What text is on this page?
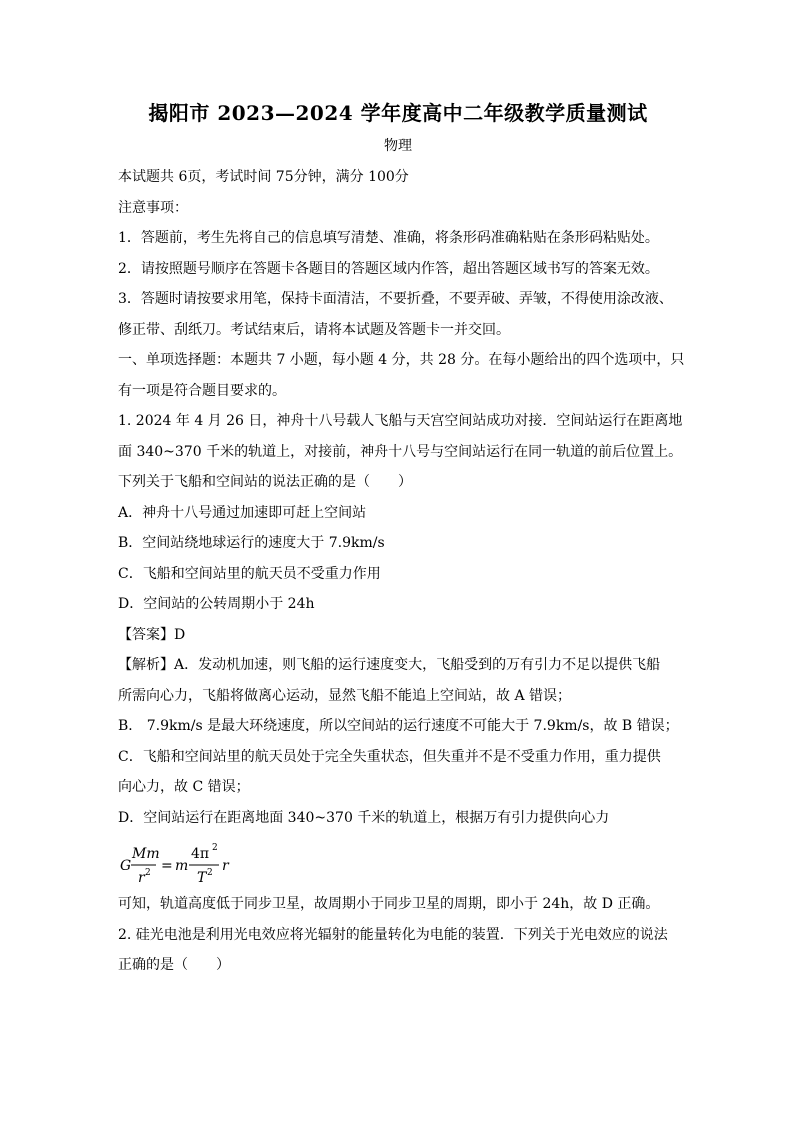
揭阳市 2023—2024 学年度高中二年级教学质量测试
物理
本试题共 6页，考试时间 75分钟，满分 100分
注意事项：
1．答题前，考生先将自己的信息填写清楚、准确，将条形码准确粘贴在条形码粘贴处。
2．请按照题号顺序在答题卡各题目的答题区域内作答，超出答题区域书写的答案无效。
3．答题时请按要求用笔，保持卡面清洁，不要折叠，不要弄破、弄皱，不得使用涂改液、
修正带、刮纸刀。考试结束后，请将本试题及答题卡一并交回。
一、单项选择题：本题共 7 小题，每小题 4 分，共 28 分。在每小题给出的四个选项中，只
有一项是符合题目要求的。
1. 2024 年 4 月 26 日，神舟十八号载人飞船与天宫空间站成功对接．空间站运行在距离地
面 340~370 千米的轨道上，对接前，神舟十八号与空间站运行在同一轨道的前后位置上。
下列关于飞船和空间站的说法正确的是（　　）
A．神舟十八号通过加速即可赶上空间站
B．空间站绕地球运行的速度大于 7.9km/s
C．飞船和空间站里的航天员不受重力作用
D．空间站的公转周期小于 24h
【答案】D
【解析】A．发动机加速，则飞船的运行速度变大，飞船受到的万有引力不足以提供飞船
所需向心力，飞船将做离心运动，显然飞船不能追上空间站，故 A 错误；
B． 7.9km/s 是最大环绕速度，所以空间站的运行速度不可能大于 7.9km/s，故 B 错误；
C．飞船和空间站里的航天员处于完全失重状态，但失重并不是不受重力作用，重力提供
向心力，故 C 错误；
D．空间站运行在距离地面 340~370 千米的轨道上，根据万有引力提供向心力
G
Mm
r 2 = m
4π 2
T 2 r
可知，轨道高度低于同步卫星，故周期小于同步卫星的周期，即小于 24h，故 D 正确。
2. 硅光电池是利用光电效应将光辐射的能量转化为电能的装置．下列关于光电效应的说法
正确的是（　　）
